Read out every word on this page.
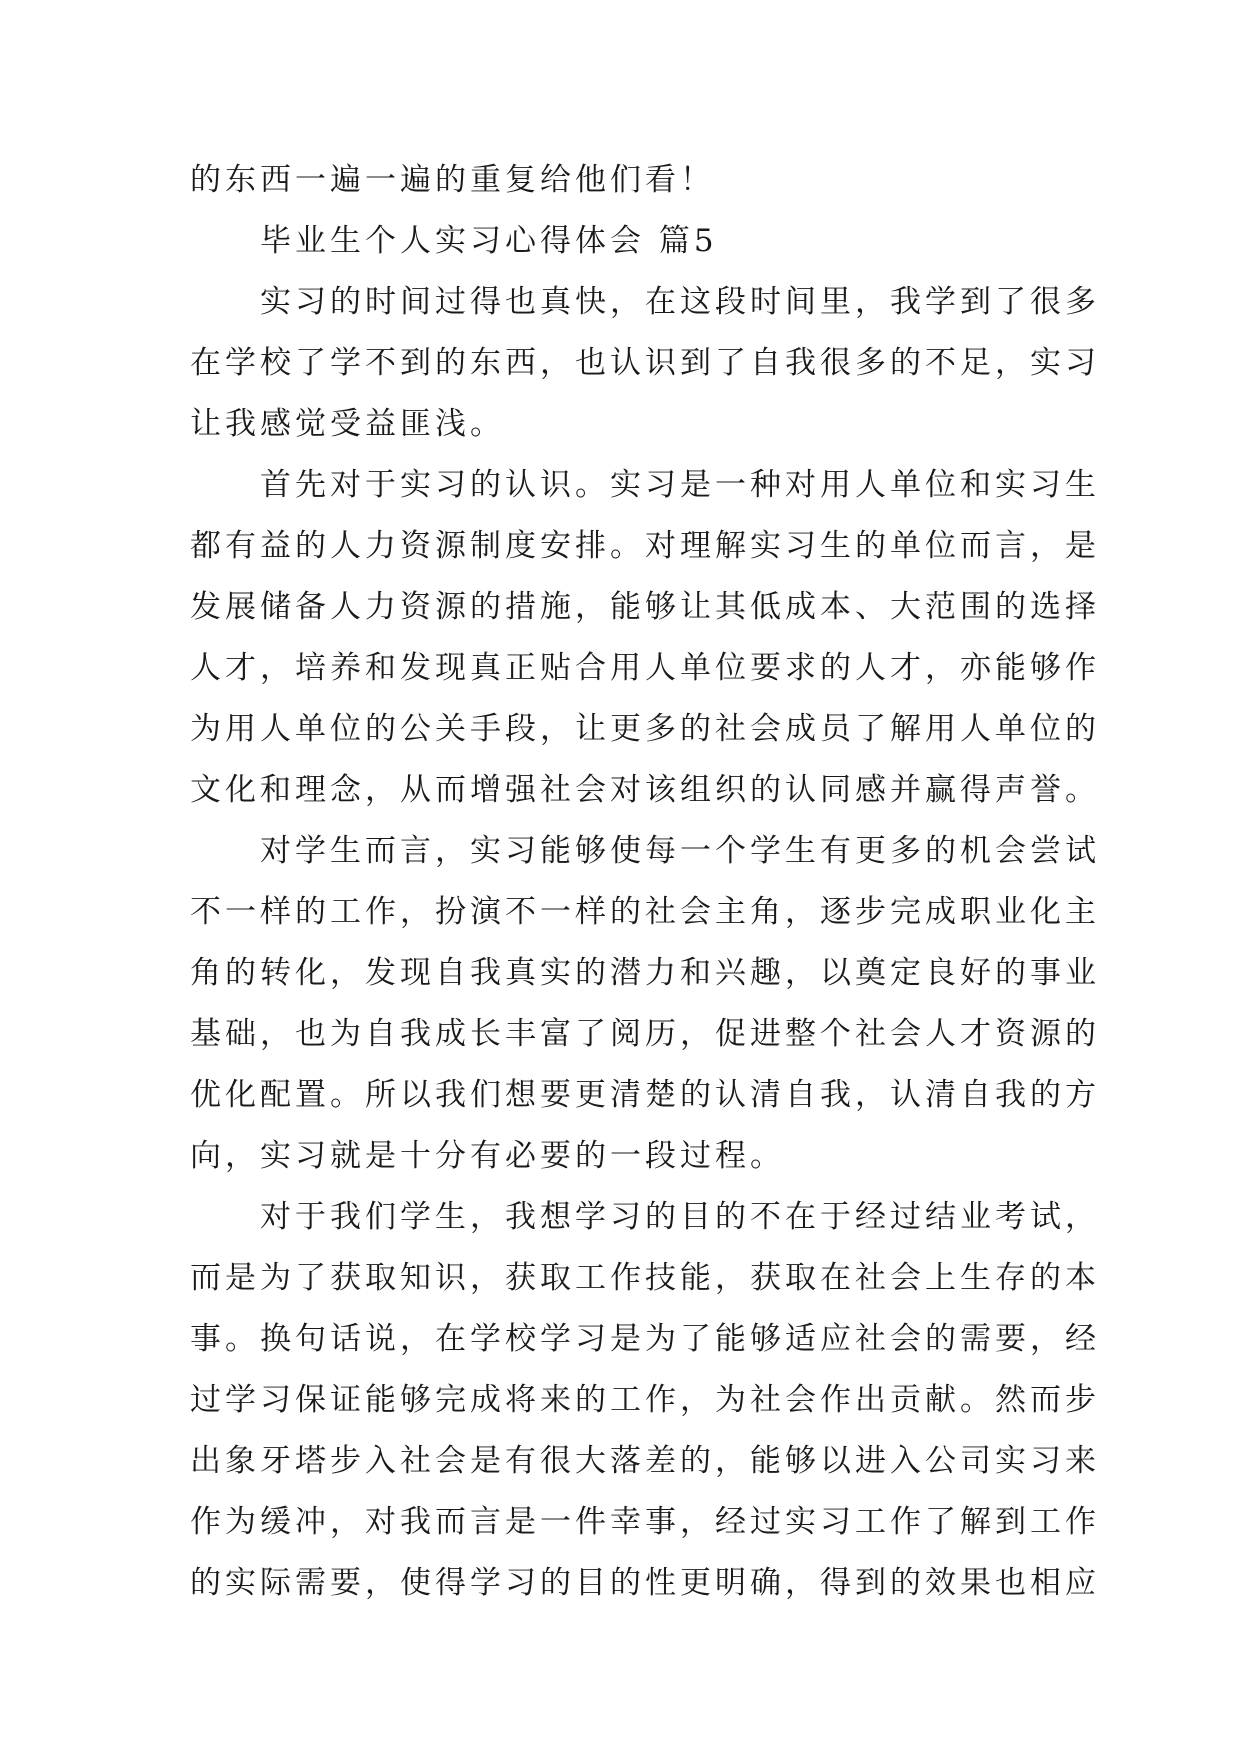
的东西一遍一遍的重复给他们看！
毕业生个人实习心得体会 篇5
实习的时间过得也真快，在这段时间里，我学到了很多
在学校了学不到的东西，也认识到了自我很多的不足，实习
让我感觉受益匪浅。
首先对于实习的认识。实习是一种对用人单位和实习生
都有益的人力资源制度安排。对理解实习生的单位而言，是
发展储备人力资源的措施，能够让其低成本、大范围的选择
人才，培养和发现真正贴合用人单位要求的人才，亦能够作
为用人单位的公关手段，让更多的社会成员了解用人单位的
文化和理念，从而增强社会对该组织的认同感并赢得声誉。
对学生而言，实习能够使每一个学生有更多的机会尝试
不一样的工作，扮演不一样的社会主角，逐步完成职业化主
角的转化，发现自我真实的潜力和兴趣，以奠定良好的事业
基础，也为自我成长丰富了阅历，促进整个社会人才资源的
优化配置。所以我们想要更清楚的认清自我，认清自我的方
向，实习就是十分有必要的一段过程。
对于我们学生，我想学习的目的不在于经过结业考试，
而是为了获取知识，获取工作技能，获取在社会上生存的本
事。换句话说，在学校学习是为了能够适应社会的需要，经
过学习保证能够完成将来的工作，为社会作出贡献。然而步
出象牙塔步入社会是有很大落差的，能够以进入公司实习来
作为缓冲，对我而言是一件幸事，经过实习工作了解到工作
的实际需要，使得学习的目的性更明确，得到的效果也相应
